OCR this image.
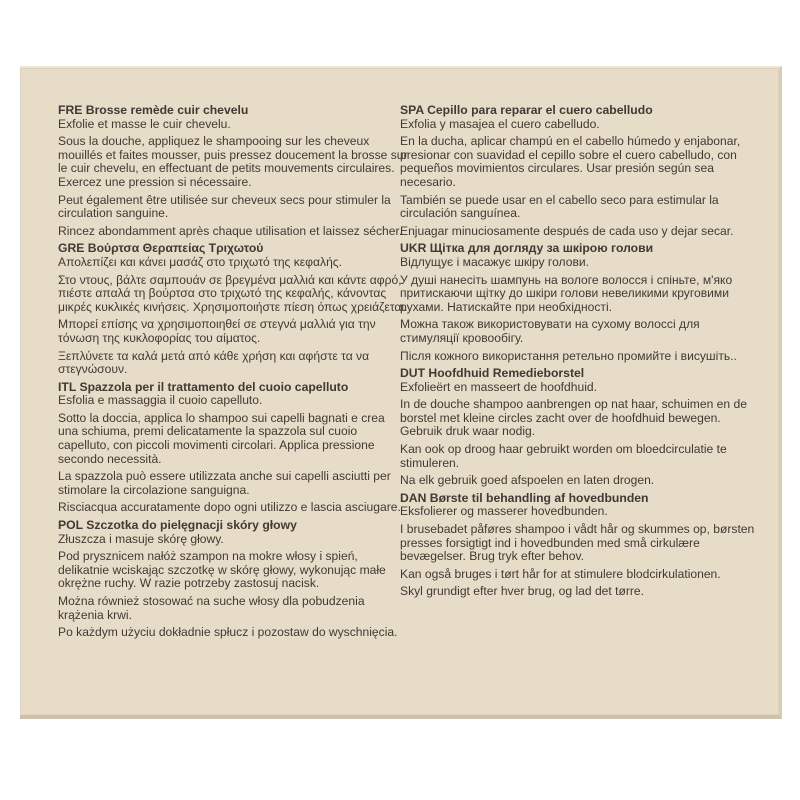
FRE Brosse remède cuir chevelu
Exfolie et masse le cuir chevelu.
Sous la douche, appliquez le shampooing sur les cheveux mouillés et faites mousser, puis pressez doucement la brosse sur le cuir chevelu, en effectuant de petits mouvements circulaires. Exercez une pression si nécessaire.
Peut également être utilisée sur cheveux secs pour stimuler la circulation sanguine.
Rincez abondamment après chaque utilisation et laissez sécher.
GRE Βούρτσα Θεραπείας Τριχωτού
Απολεπίζει και κάνει μασάζ στο τριχωτό της κεφαλής.
Στο ντους, βάλτε σαμπουάν σε βρεγμένα μαλλιά και κάντε αφρό, πιέστε απαλά τη βούρτσα στο τριχωτό της κεφαλής, κάνοντας μικρές κυκλικές κινήσεις. Χρησιμοποιήστε πίεση όπως χρειάζεται.
Μπορεί επίσης να χρησιμοποιηθεί σε στεγνά μαλλιά για την τόνωση της κυκλοφορίας του αίματος.
Ξεπλύνετε τα καλά μετά από κάθε χρήση και αφήστε τα να στεγνώσουν.
ITL Spazzola per il trattamento del cuoio capelluto
Esfolia e massaggia il cuoio capelluto.
Sotto la doccia, applica lo shampoo sui capelli bagnati e crea una schiuma, premi delicatamente la spazzola sul cuoio capelluto, con piccoli movimenti circolari. Applica pressione secondo necessità.
La spazzola può essere utilizzata anche sui capelli asciutti per stimolare la circolazione sanguigna.
Risciacqua accuratamente dopo ogni utilizzo e lascia asciugare.
POL Szczotka do pielęgnacji skóry głowy
Złuszcza i masuje skórę głowy.
Pod prysznicem nałóż szampon na mokre włosy i spień, delikatnie wciskając szczotkę w skórę głowy, wykonując małe okrężne ruchy. W razie potrzeby zastosuj nacisk.
Można również stosować na suche włosy dla pobudzenia krążenia krwi.
Po każdym użyciu dokładnie spłucz i pozostaw do wyschnięcia.
SPA Cepillo para reparar el cuero cabelludo
Exfolia y masajea el cuero cabelludo.
En la ducha, aplicar champú en el cabello húmedo y enjabonar, presionar con suavidad el cepillo sobre el cuero cabelludo, con pequeños movimientos circulares. Usar presión según sea necesario.
También se puede usar en el cabello seco para estimular la circulación sanguínea.
Enjuagar minuciosamente después de cada uso y dejar secar.
UKR Щітка для догляду за шкірою голови
Відлущує і масажує шкіру голови.
У душі нанесіть шампунь на вологе волосся і спіньте, м'яко притискаючи щітку до шкіри голови невеликими круговими рухами. Натискайте при необхідності.
Можна також використовувати на сухому волоссі для стимуляції кровообігу.
Після кожного використання ретельно промийте і висушіть..
DUT Hoofdhuid Remedieborstel
Exfolieërt en masseert de hoofdhuid.
In de douche shampoo aanbrengen op nat haar, schuimen en de borstel met kleine circles zacht over de hoofdhuid bewegen. Gebruik druk waar nodig.
Kan ook op droog haar gebruikt worden om bloedcirculatie te stimuleren.
Na elk gebruik goed afspoelen en laten drogen.
DAN Børste til behandling af hovedbunden
Eksfolierer og masserer hovedbunden.
I brusebadet påføres shampoo i vådt hår og skummes op, børsten presses forsigtigt ind i hovedbunden med små cirkulære bevægelser. Brug tryk efter behov.
Kan også bruges i tørt hår for at stimulere blodcirkulationen.
Skyl grundigt efter hver brug, og lad det tørre.
